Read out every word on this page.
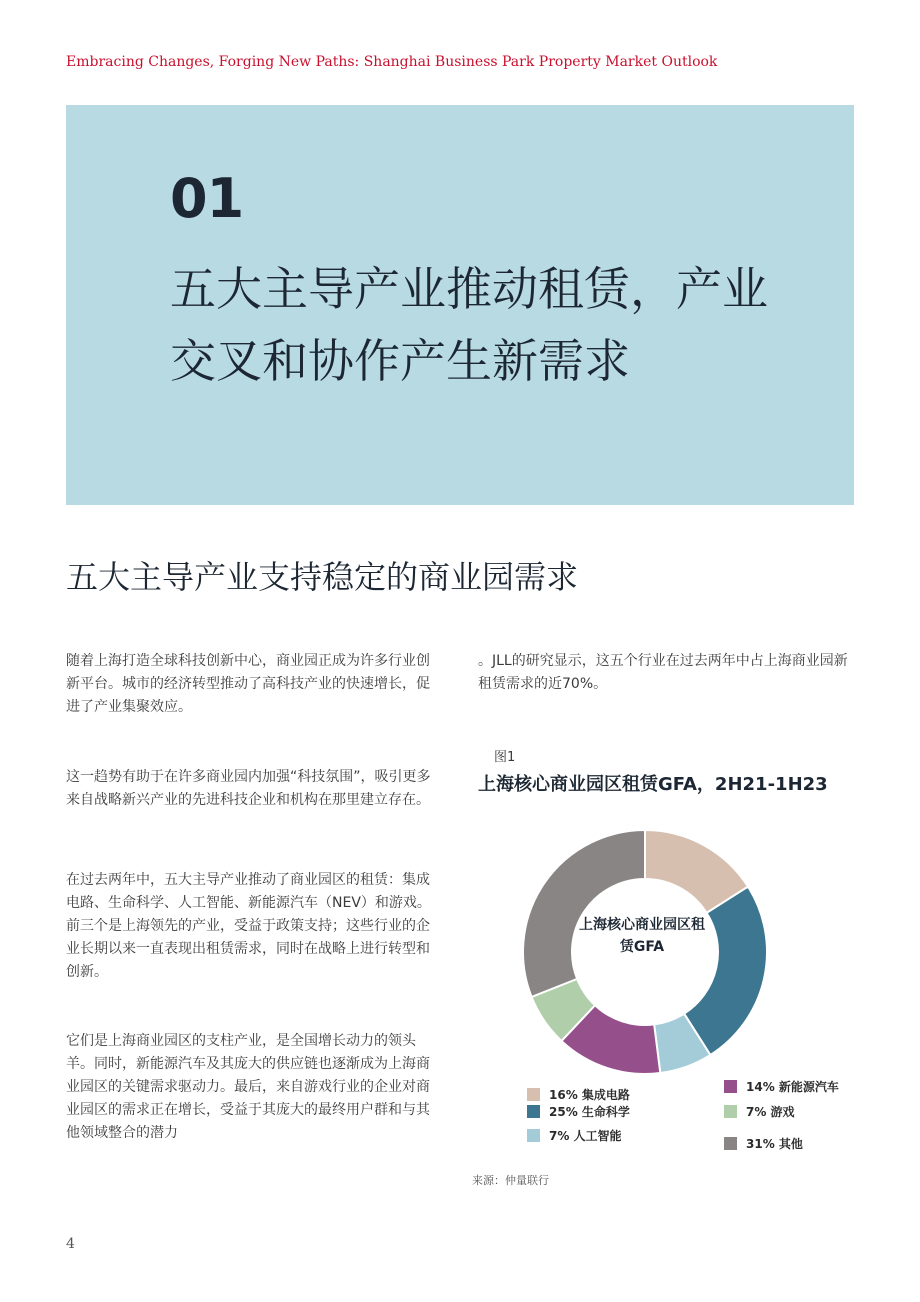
Embracing Changes, Forging New Paths: Shanghai Business Park Property Market Outlook
01
五大主导产业推动租赁，产业交叉和协作产生新需求
五大主导产业支持稳定的商业园需求

随着上海打造全球科技创新中心，商业园正成为许多行业创新平台。城市的经济转型推动了高科技产业的快速增长，促进了产业集聚效应。

这一趋势有助于在许多商业园内加强“科技氛围”，吸引更多来自战略新兴产业的先进科技企业和机构在那里建立存在。

在过去两年中，五大主导产业推动了商业园区的租赁：集成电路、生命科学、人工智能、新能源汽车（NEV）和游戏。前三个是上海领先的产业，受益于政策支持；这些行业的企业长期以来一直表现出租赁需求，同时在战略上进行转型和创新。

它们是上海商业园区的支柱产业，是全国增长动力的领头羊。同时，新能源汽车及其庞大的供应链也逐渐成为上海商业园区的关键需求驱动力。最后，来自游戏行业的企业对商业园区的需求正在增长，受益于其庞大的最终用户群和与其他领域整合的潜力

。JLL的研究显示，这五个行业在过去两年中占上海商业园新租赁需求的近70%。

图1
上海核心商业园区租赁GFA，2H21-1H23
上海核心商业园区租赁GFA
16% 集成电路
25% 生命科学
7% 人工智能
14% 新能源汽车
7% 游戏
31% 其他
来源：仲量联行
4
